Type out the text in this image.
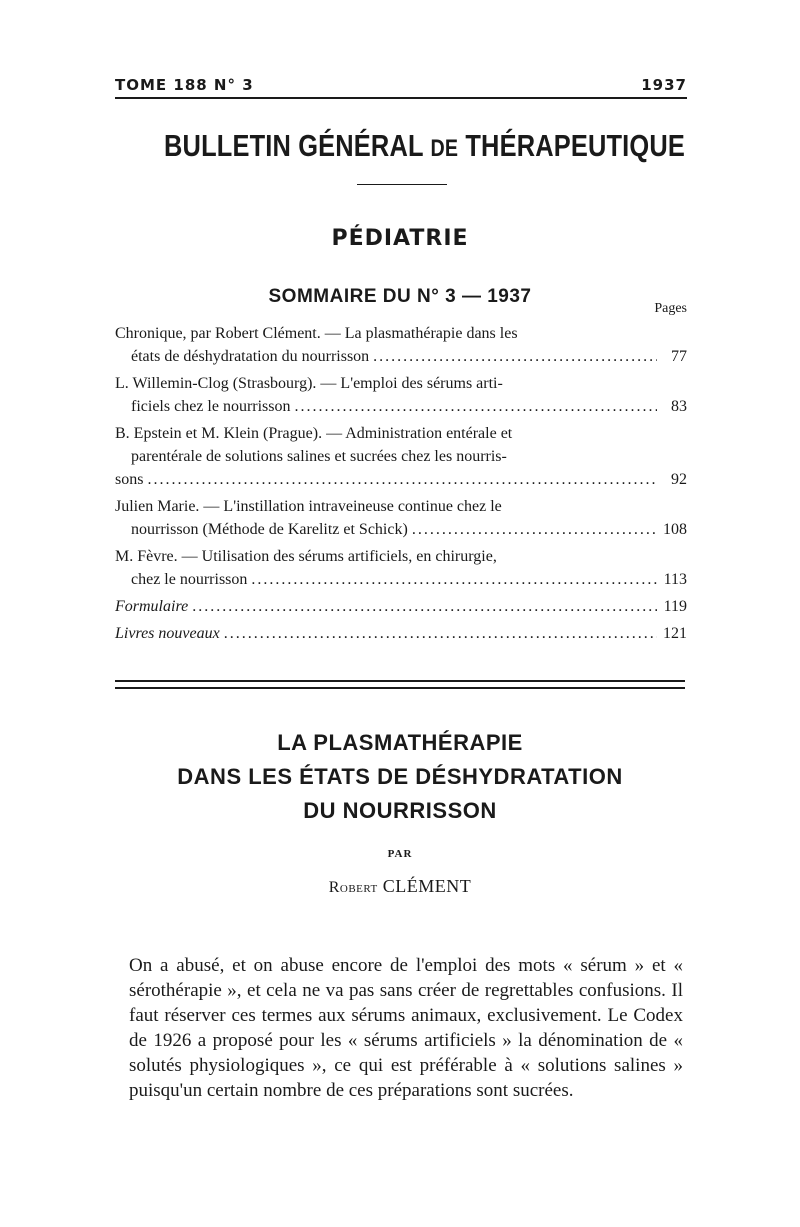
TOME 188 N° 3	1937
BULLETIN GÉNÉRAL DE THÉRAPEUTIQUE
PÉDIATRIE
SOMMAIRE DU N° 3 — 1937
Pages
Chronique, par Robert Clément. — La plasmathérapie dans les
états de déshydratation du nourrisson .....	77
L. Willemin-Clog (Strasbourg). — L'emploi des sérums arti-
ficiels chez le nourrisson .....	83
B. Epstein et M. Klein (Prague). — Administration entérale et
parentérale de solutions salines et sucrées chez les nourris-
sons .....	92
Julien Marie. — L'instillation intraveineuse continue chez le
nourrisson (Méthode de Karelitz et Schick) .....	108
M. Fèvre. — Utilisation des sérums artificiels, en chirurgie,
chez le nourrisson .....	113
Formulaire .....	119
Livres nouveaux .....	121
LA PLASMATHÉRAPIE
DANS LES ÉTATS DE DÉSHYDRATATION
DU NOURRISSON
PAR
Robert CLÉMENT
On a abusé, et on abuse encore de l'emploi des mots « sérum » et « sérothérapie », et cela ne va pas sans créer de regrettables confusions. Il faut réserver ces termes aux sérums animaux, exclusivement. Le Codex de 1926 a proposé pour les « sérums artificiels » la dénomination de « solutés physiologiques », ce qui est préférable à « solutions salines » puisqu'un certain nombre de ces préparations sont sucrées.
